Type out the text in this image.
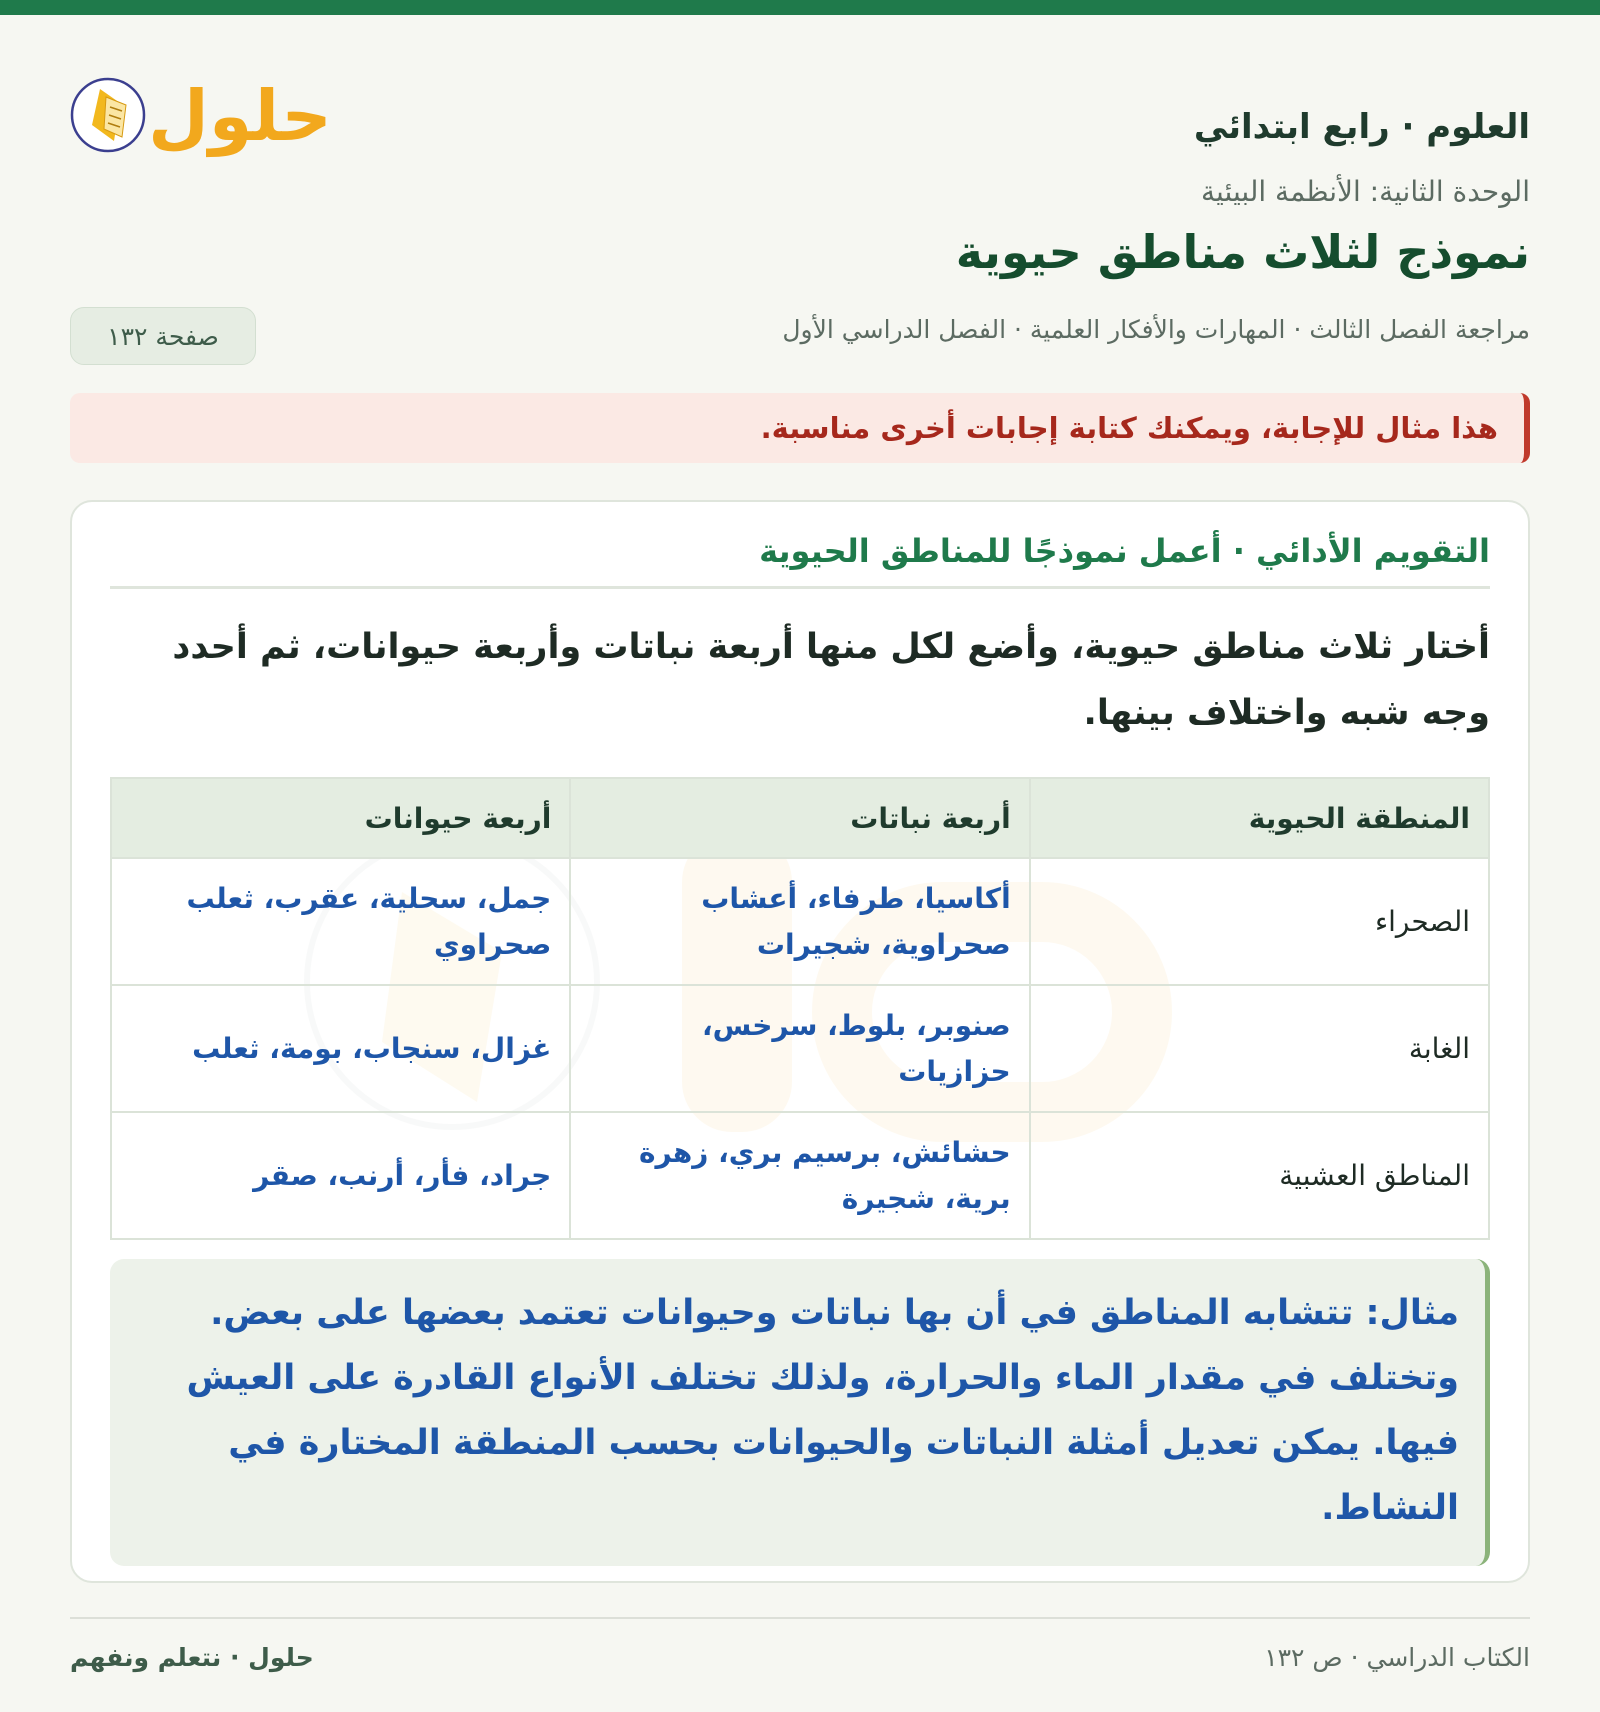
العلوم · رابع ابتدائي
حلول
الوحدة الثانية: الأنظمة البيئية
نموذج لثلاث مناطق حيوية
مراجعة الفصل الثالث · المهارات والأفكار العلمية · الفصل الدراسي الأول
صفحة ١٣٢
هذا مثال للإجابة، ويمكنك كتابة إجابات أخرى مناسبة.
التقويم الأدائي · أعمل نموذجًا للمناطق الحيوية
أختار ثلاث مناطق حيوية، وأضع لكل منها أربعة نباتات وأربعة حيوانات، ثم أحدد وجه شبه واختلاف بينها.
المنطقة الحيوية	أربعة نباتات	أربعة حيوانات
الصحراء	أكاسيا، طرفاء، أعشاب صحراوية، شجيرات	جمل، سحلية، عقرب، ثعلب صحراوي
الغابة	صنوبر، بلوط، سرخس، حزازيات	غزال، سنجاب، بومة، ثعلب
المناطق العشبية	حشائش، برسيم بري، زهرة برية، شجيرة	جراد، فأر، أرنب، صقر
مثال: تتشابه المناطق في أن بها نباتات وحيوانات تعتمد بعضها على بعض. وتختلف في مقدار الماء والحرارة، ولذلك تختلف الأنواع القادرة على العيش فيها. يمكن تعديل أمثلة النباتات والحيوانات بحسب المنطقة المختارة في النشاط.
الكتاب الدراسي · ص ١٣٢
حلول · نتعلم ونفهم
